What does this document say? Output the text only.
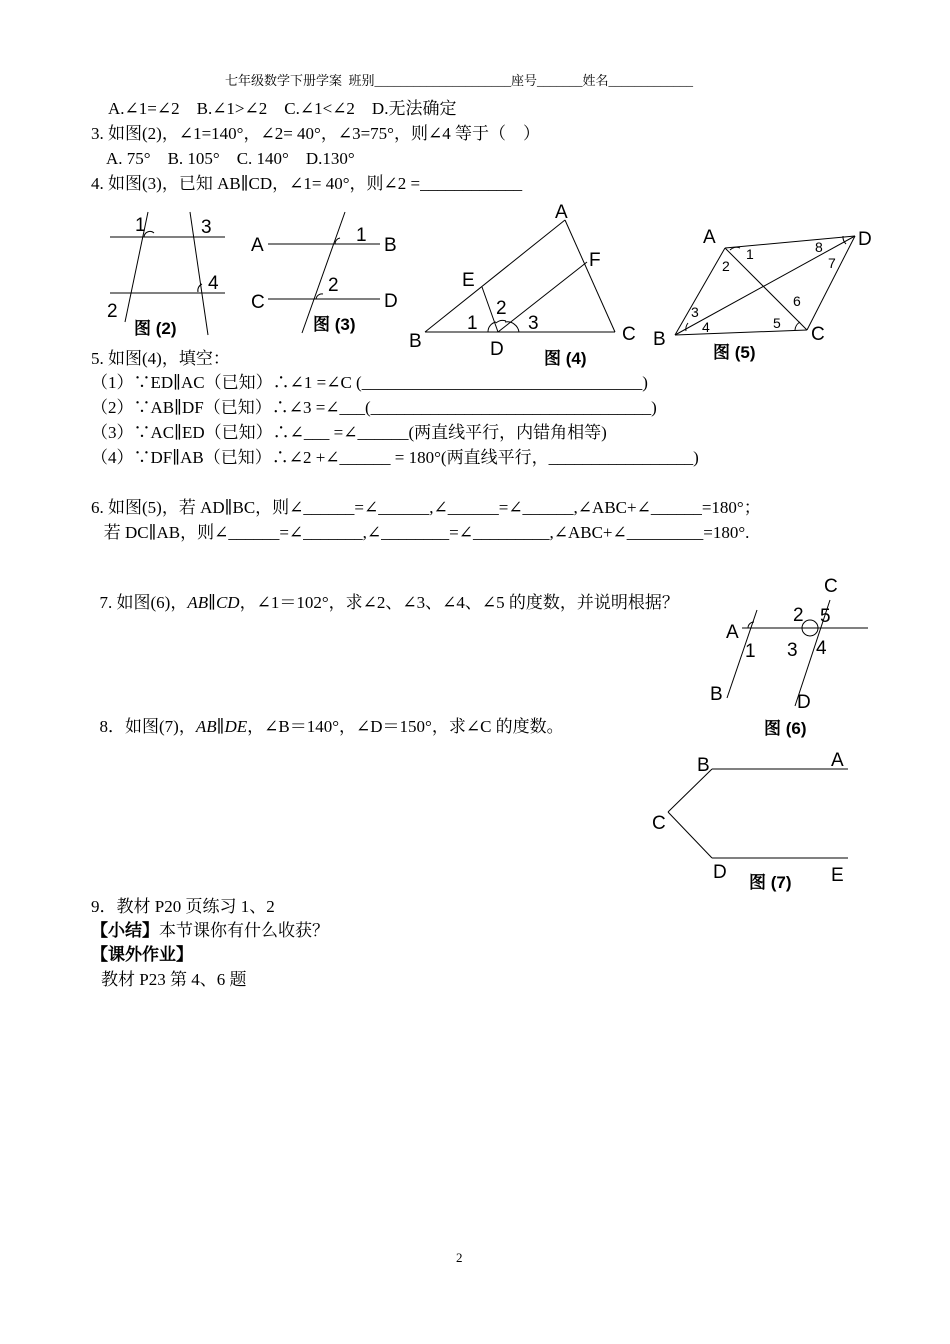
七年级数学下册学案  班别_____________________座号_______姓名_____________
A.∠1=∠2    B.∠1>∠2    C.∠1<∠2    D.无法确定
3. 如图(2)，∠1=140°，∠2= 40°，∠3=75°，则∠4 等于（　）
A. 75°    B. 105°    C. 140°    D.130°
4. 如图(3)，已知 AB∥CD，∠1= 40°，则∠2 =____________
1	3
4
2
图 (2)
A	1 B
C
2
D
图 (3)
A
E
F
1
2
3
B	D
C
图 (4)
A	D
1
2
8
7
3
4
6
5
B	C
图 (5)
5. 如图(4)，填空：
（1）∵ED∥AC（已知）∴∠1 =∠C (_________________________________)
（2）∵AB∥DF（已知）∴∠3 =∠___(_________________________________)
（3）∵AC∥ED（已知）∴∠___ =∠______(两直线平行，内错角相等)
（4）∵DF∥AB（已知）∴∠2 +∠______ = 180°(两直线平行，_________________)
6. 如图(5)，若 AD∥BC，则∠______=∠______,∠______=∠______,∠ABC+∠______=180°；
若 DC∥AB，则∠______=∠_______,∠________=∠_________,∠ABC+∠_________=180°.

7. 如图(6)，AB∥CD，∠1＝102°，求∠2、∠3、∠4、∠5 的度数，并说明根据？

C
2 5
A
1 3 4
B	D
图 (6)

8．如图(7)，AB∥DE，∠B＝140°，∠D＝150°，求∠C 的度数。

B	A
C
D	E
图 (7)
9．教材 P20 页练习 1、2
【小结】本节课你有什么收获？
【课外作业】
教材 P23 第 4、6 题
2
